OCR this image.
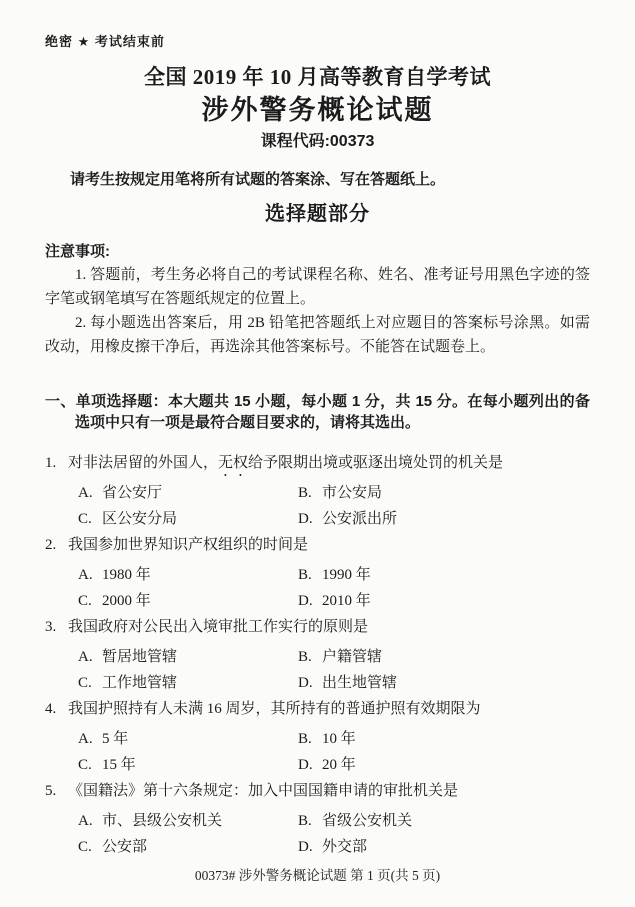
绝密 ★ 考试结束前
全国 2019 年 10 月高等教育自学考试
涉外警务概论试题
课程代码:00373
请考生按规定用笔将所有试题的答案涂、写在答题纸上。
选择题部分
注意事项:

1. 答题前，考生务必将自己的考试课程名称、姓名、准考证号用黑色字迹的签字笔或钢笔填写在答题纸规定的位置上。

2. 每小题选出答案后，用 2B 铅笔把答题纸上对应题目的答案标号涂黑。如需改动，用橡皮擦干净后，再选涂其他答案标号。不能答在试题卷上。

一、单项选择题：本大题共 15 小题，每小题 1 分，共 15 分。在每小题列出的备选项中只有一项是最符合题目要求的，请将其选出。
1. 对非法居留的外国人，无权给予限期出境或驱逐出境处罚的机关是
A. 省公安厅	B. 市公安局
C. 区公安分局	D. 公安派出所
2. 我国参加世界知识产权组织的时间是
A. 1980 年	B. 1990 年
C. 2000 年	D. 2010 年
3. 我国政府对公民出入境审批工作实行的原则是
A. 暂居地管辖	B. 户籍管辖
C. 工作地管辖	D. 出生地管辖
4. 我国护照持有人未满 16 周岁，其所持有的普通护照有效期限为
A. 5 年	B. 10 年
C. 15 年	D. 20 年
5. 《国籍法》第十六条规定：加入中国国籍申请的审批机关是
A. 市、县级公安机关	B. 省级公安机关
C. 公安部	D. 外交部
00373# 涉外警务概论试题 第 1 页(共 5 页)
